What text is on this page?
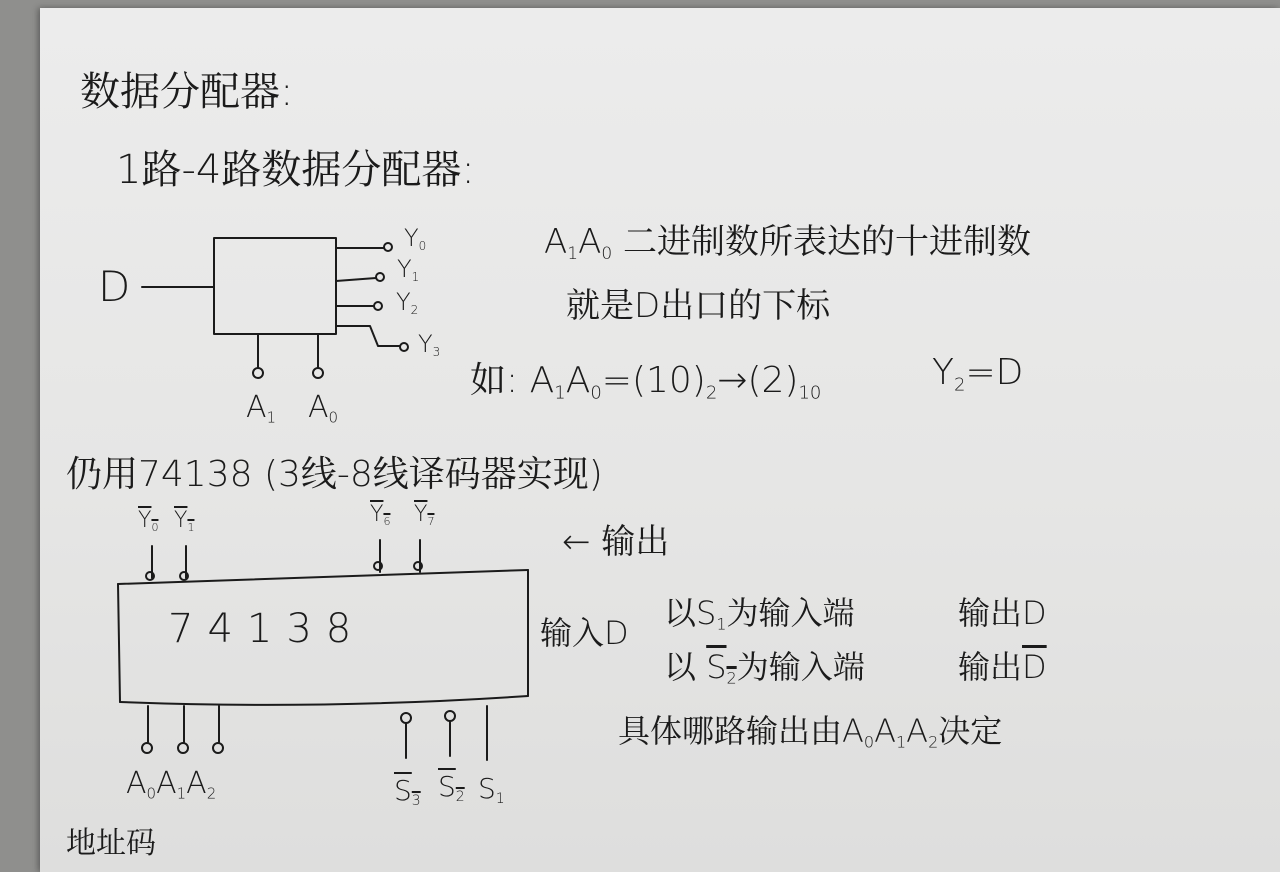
数据分配器:
1路-4路数据分配器:
D
$Y_0$
$Y_1$
$Y_2$
$Y_3$
$A_1$ $A_0$
$A_1A_0$ 二进制数所表达的十进制数
就是D出口的下标
如: $A_1A_0=(10)_2\to(2)_{10}$	$Y_2=D$
仍用74138 (3线-8线译码器实现)
$Y_0$ $Y_1$
$Y_6$ $Y_7$
← 输出
74138	输入D
$A_0A_1A_2$	$S_3$ $S_2$ $S_1$
地址码
以$S_1$为输入端	输出D
以 $S_2$为输入端	输出$\overline{D}$
具体哪路输出由$A_0A_1A_2$决定
